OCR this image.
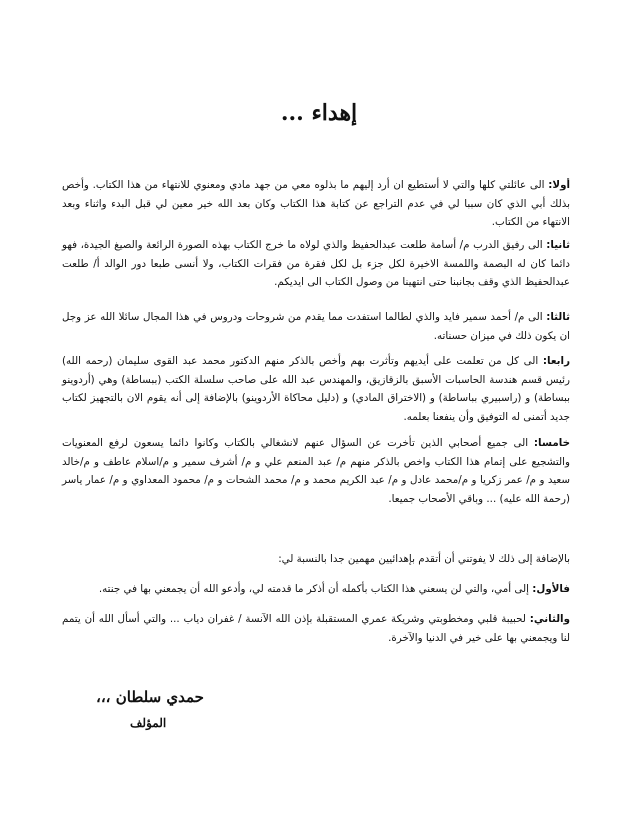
إهداء ...

أولا: الى عائلتي كلها والتي لا أستطيع ان أرد إليهم ما بذلوه معي من جهد مادي ومعنوي للانتهاء من هذا الكتاب. وأخص بذلك أبي الذي كان سببا لي في عدم التراجع عن كتابة هذا الكتاب وكان بعد الله خير معين لي قبل البدء واثناء وبعد الانتهاء من الكتاب.

ثانيا: الى رفيق الدرب م/ أسامة طلعت عبدالحفيظ والذي لولاه ما خرج الكتاب بهذه الصورة الرائعة والصيغ الجيدة، فهو دائما كان له البصمة واللمسة الاخيرة لكل جزء بل لكل فقرة من فقرات الكتاب، ولا أنسى طبعا دور الوالد أ/ طلعت عبدالحفيظ الذي وقف بجانبنا حتى انتهينا من وصول الكتاب الى ايديكم.

ثالثا: الى م/ أحمد سمير فايد والذي لطالما استفدت مما يقدم من شروحات ودروس في هذا المجال سائلا الله عز وجل ان يكون ذلك في ميزان حسناته.

رابعا: الى كل من تعلمت على أيديهم وتأثرت بهم وأخص بالذكر منهم الدكتور محمد عبد القوى سليمان (رحمه الله) رئيس قسم هندسة الحاسبات الأسبق بالزقازيق، والمهندس عبد الله على صاحب سلسلة الكتب (ببساطة) وهي (أردوينو ببساطة) و (راسبيري بباساطة) و (الاختراق المادي) و (دليل محاكاة الأردوينو) بالإضافة إلى أنه يقوم الان بالتجهيز لكتاب جديد أتمنى له التوفيق وأن ينفعنا بعلمه.

خامسا: الى جميع أصحابي الذين تأخرت عن السؤال عنهم لانشغالي بالكتاب وكانوا دائما يسعون لرفع المعنويات والتشجيع على إتمام هذا الكتاب واخص بالذكر منهم م/ عبد المنعم علي و م/ أشرف سمير و م/اسلام عاطف و م/خالد سعيد و م/ عمر زكريا و م/محمد عادل و م/ عبد الكريم محمد و م/ محمد الشحات و م/ محمود المعداوي و م/ عمار ياسر (رحمة الله عليه) ... وباقي الأصحاب جميعا.

بالإضافة إلى ذلك لا يفوتني أن أتقدم بإهدائيين مهمين جدا بالنسبة لي:

فالأول: إلى أمي، والتي لن يسعني هذا الكتاب بأكمله أن أذكر ما قدمته لي، وأدعو الله أن يجمعني بها في جنته.

والثاني: لحبيبة قلبي ومخطوبتي وشريكة عمري المستقبلة بإذن الله الآنسة / غفران دياب ... والتي أسأل الله أن يتمم لنا ويجمعني بها على خير في الدنيا والآخرة.

حمدي سلطان ،،،
المؤلف
